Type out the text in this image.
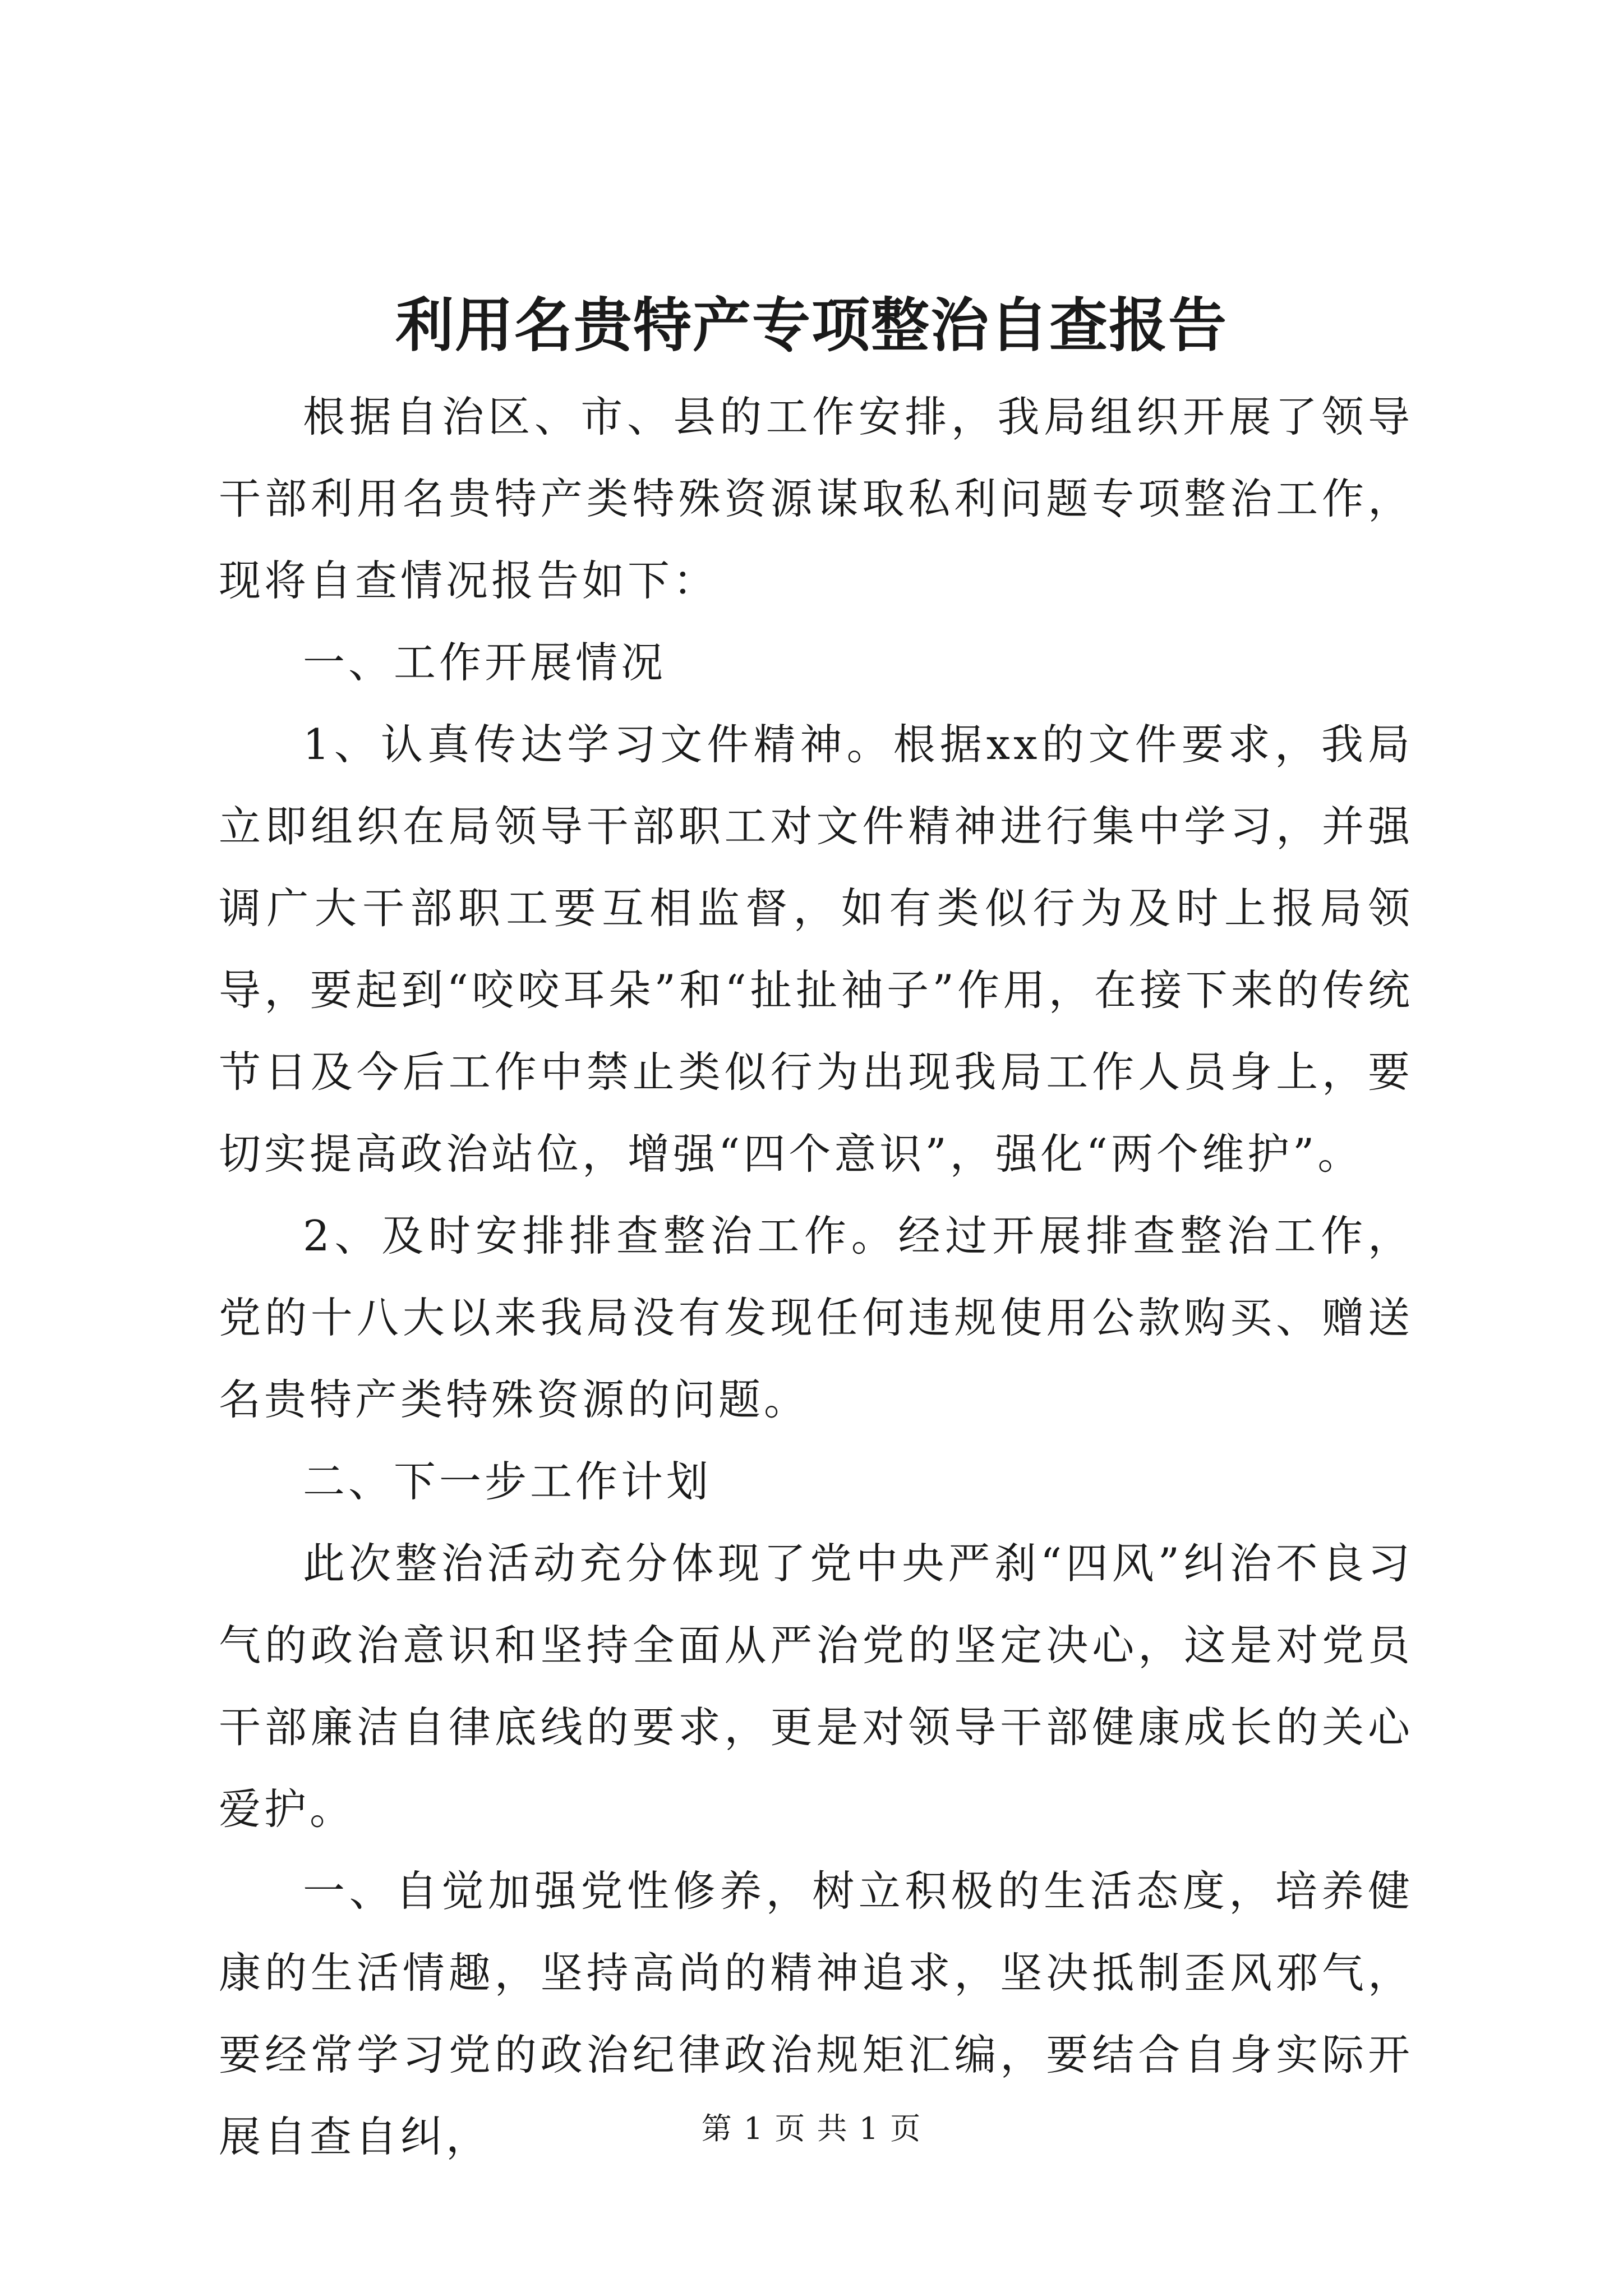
利用名贵特产专项整治自查报告

根据自治区、市、县的工作安排，我局组织开展了领导干部利用名贵特产类特殊资源谋取私利问题专项整治工作，现将自查情况报告如下：

一、工作开展情况

1、认真传达学习文件精神。根据xx的文件要求，我局立即组织在局领导干部职工对文件精神进行集中学习，并强调广大干部职工要互相监督，如有类似行为及时上报局领导，要起到“咬咬耳朵”和“扯扯袖子”作用，在接下来的传统节日及今后工作中禁止类似行为出现我局工作人员身上，要切实提高政治站位，增强“四个意识”，强化“两个维护”。

2、及时安排排查整治工作。经过开展排查整治工作，党的十八大以来我局没有发现任何违规使用公款购买、赠送名贵特产类特殊资源的问题。

二、下一步工作计划

此次整治活动充分体现了党中央严刹“四风”纠治不良习气的政治意识和坚持全面从严治党的坚定决心，这是对党员干部廉洁自律底线的要求，更是对领导干部健康成长的关心爱护。

一、自觉加强党性修养，树立积极的生活态度，培养健康的生活情趣，坚持高尚的精神追求，坚决抵制歪风邪气，要经常学习党的政治纪律政治规矩汇编，要结合自身实际开展自查自纠，	第 1 页 共 1 页
